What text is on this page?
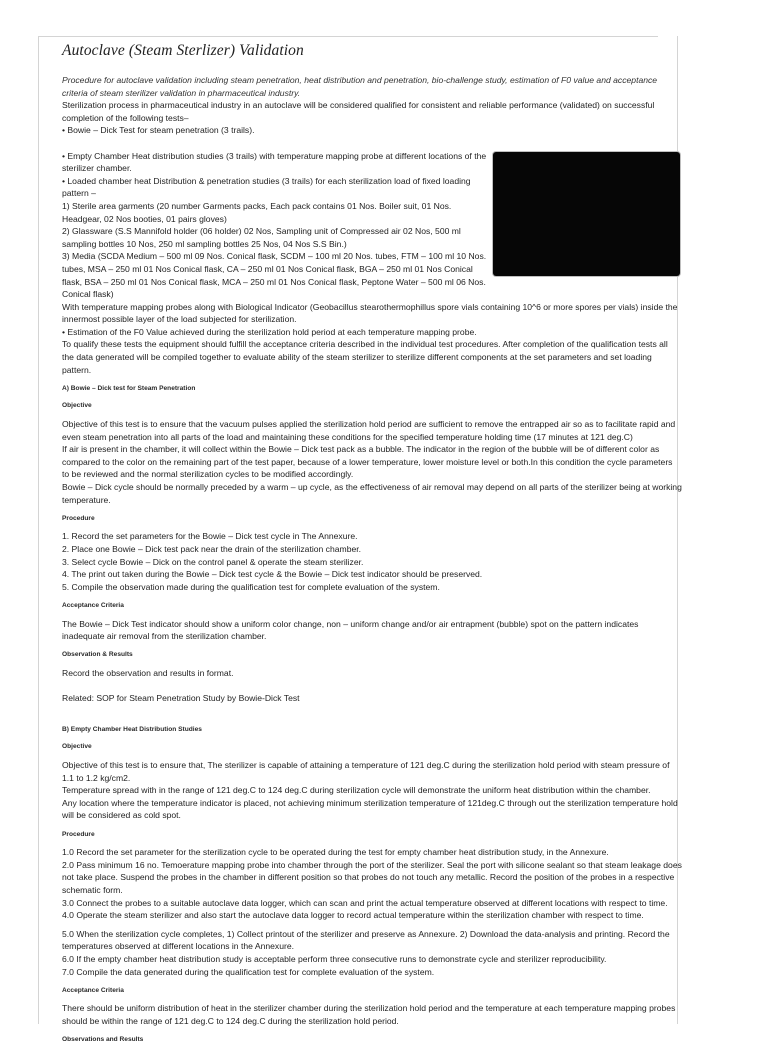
Autoclave (Steam Sterlizer) Validation

Procedure for autoclave validation including steam penetration, heat distribution and penetration, bio-challenge study, estimation of F0 value and acceptance criteria of steam sterilizer validation in pharmaceutical industry.

Sterilization process in pharmaceutical industry in an autoclave will be considered qualified for consistent and reliable performance (validated) on successful completion of the following tests–

• Bowie – Dick Test for steam penetration (3 trails).

• Empty Chamber Heat distribution studies (3 trails) with temperature mapping probe at different locations of the sterilizer chamber.

• Loaded chamber heat Distribution & penetration studies (3 trails) for each sterilization load of fixed loading pattern –

1) Sterile area garments (20 number Garments packs, Each pack contains 01 Nos. Boiler suit, 01 Nos. Headgear, 02 Nos booties, 01 pairs gloves)

2) Glassware (S.S Mannifold holder (06 holder) 02 Nos, Sampling unit of Compressed air 02 Nos, 500 ml sampling bottles 10 Nos, 250 ml sampling bottles 25 Nos, 04 Nos S.S Bin.)

3) Media (SCDA Medium – 500 ml 09 Nos. Conical flask, SCDM – 100 ml 20 Nos. tubes, FTM – 100 ml 10 Nos. tubes, MSA – 250 ml 01 Nos Conical flask, CA – 250 ml 01 Nos Conical flask, BGA – 250 ml 01 Nos Conical flask, BSA – 250 ml 01 Nos Conical flask, MCA – 250 ml 01 Nos Conical flask, Peptone Water – 500 ml 06 Nos. Conical flask)

With temperature mapping probes along with Biological Indicator (Geobacillus stearothermophillus spore vials containing 10^6 or more spores per vials) inside the innermost possible layer of the load subjected for sterilization.

• Estimation of the F0 Value achieved during the sterilization hold period at each temperature mapping probe.

To qualify these tests the equipment should fulfill the acceptance criteria described in the individual test procedures. After completion of the qualification tests all the data generated will be compiled together to evaluate ability of the steam sterilizer to sterilize different components at the set parameters and set loading pattern.

A) Bowie – Dick test for Steam Penetration

Objective

Objective of this test is to ensure that the vacuum pulses applied the sterilization hold period are sufficient to remove the entrapped air so as to facilitate rapid and even steam penetration into all parts of the load and maintaining these conditions for the specified temperature holding time (17 minutes at 121 deg.C)

If air is present in the chamber, it will collect within the Bowie – Dick test pack as a bubble. The indicator in the region of the bubble will be of different color as compared to the color on the remaining part of the test paper, because of a lower temperature, lower moisture level or both.In this condition the cycle parameters to be reviewed and the normal sterilization cycles to be modified accordingly.

Bowie – Dick cycle should be normally preceded by a warm – up cycle, as the effectiveness of air removal may depend on all parts of the sterilizer being at working temperature.

Procedure

1. Record the set parameters for the Bowie – Dick test cycle in The Annexure.

2. Place one Bowie – Dick test pack near the drain of the sterilization chamber.

3. Select cycle Bowie – Dick on the control panel & operate the steam sterilizer.

4. The print out taken during the Bowie – Dick test cycle & the Bowie – Dick test indicator should be preserved.

5. Compile the observation made during the qualification test for complete evaluation of the system.

Acceptance Criteria

The Bowie – Dick Test indicator should show a uniform color change, non – uniform change and/or air entrapment (bubble) spot on the pattern indicates inadequate air removal from the sterilization chamber.

Observation & Results

Record the observation and results in format.

Related: SOP for Steam Penetration Study by Bowie-Dick Test

B) Empty Chamber Heat Distribution Studies

Objective

Objective of this test is to ensure that, The sterilizer is capable of attaining a temperature of 121 deg.C during the sterilization hold period with steam pressure of 1.1 to 1.2 kg/cm2.

Temperature spread with in the range of 121 deg.C to 124 deg.C during sterilization cycle will demonstrate the uniform heat distribution within the chamber.

Any location where the temperature indicator is placed, not achieving minimum sterilization temperature of 121deg.C through out the sterilization temperature hold will be considered as cold spot.

Procedure

1.0 Record the set parameter for the sterilization cycle to be operated during the test for empty chamber heat distribution study, in the Annexure.

2.0 Pass minimum 16 no. Temoerature mapping probe into chamber through the port of the sterilizer. Seal the port with silicone sealant so that steam leakage does not take place. Suspend the probes in the chamber in different position so that probes do not touch any metallic. Record the position of the probes in a respective schematic form.

3.0 Connect the probes to a suitable autoclave data logger, which can scan and print the actual temperature observed at different locations with respect to time.

4.0 Operate the steam sterilizer and also start the autoclave data logger to record actual temperature within the sterilization chamber with respect to time.

5.0 When the sterilization cycle completes, 1) Collect printout of the sterilizer and preserve as Annexure. 2) Download the data-analysis and printing. Record the temperatures observed at different locations in the Annexure.

6.0 If the empty chamber heat distribution study is acceptable perform three consecutive runs to demonstrate cycle and sterilizer reproducibility.

7.0 Compile the data generated during the qualification test for complete evaluation of the system.

Acceptance Criteria

There should be uniform distribution of heat in the sterilizer chamber during the sterilization hold period and the temperature at each temperature mapping probes should be within the range of 121 deg.C to 124 deg.C during the sterilization hold period.

Observations and Results
